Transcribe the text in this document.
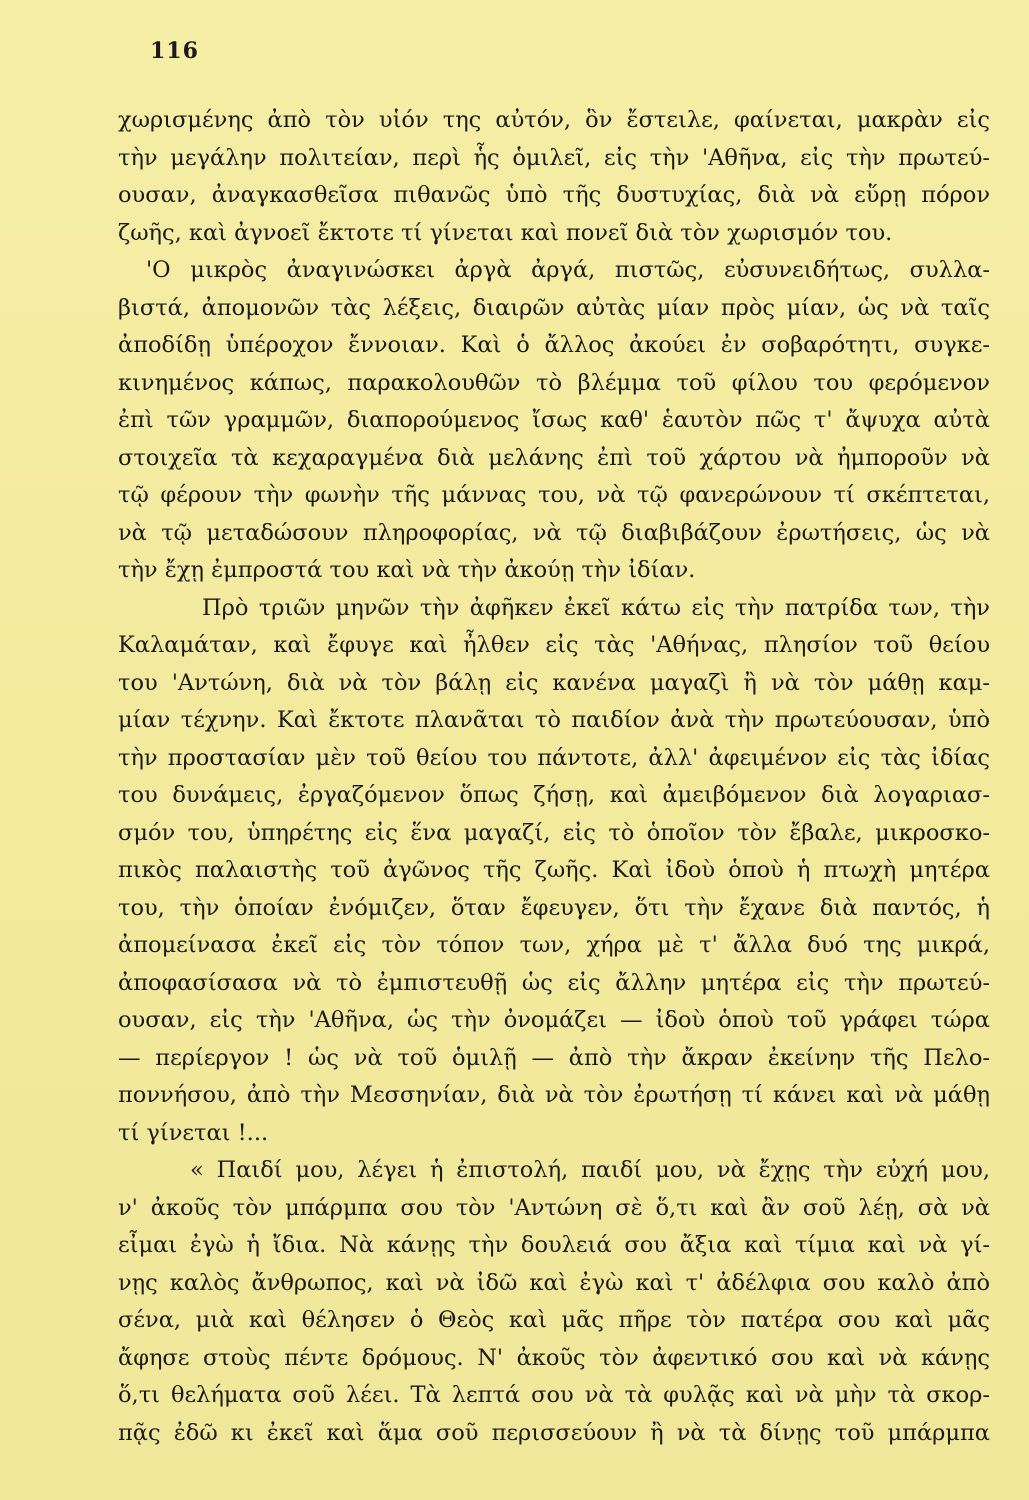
116
χωρισμένης ἀπὸ τὸν υἱόν της αὐτόν, ὃν ἔστειλε, φαίνεται, μακρὰν εἰς
τὴν μεγάλην πολιτείαν, περὶ ἧς ὁμιλεῖ, εἰς τὴν 'Αθῆνα, εἰς τὴν πρωτεύ-
ουσαν, ἀναγκασθεῖσα πιθανῶς ὑπὸ τῆς δυστυχίας, διὰ νὰ εὕρῃ πόρον
ζωῆς, καὶ ἀγνοεῖ ἔκτοτε τί γίνεται καὶ πονεῖ διὰ τὸν χωρισμόν του.
'Ο μικρὸς ἀναγινώσκει ἀργὰ ἀργά, πιστῶς, εὐσυνειδήτως, συλλα-
βιστά, ἀπομονῶν τὰς λέξεις, διαιρῶν αὐτὰς μίαν πρὸς μίαν, ὡς νὰ ταῖς
ἀποδίδῃ ὑπέροχον ἔννοιαν. Καὶ ὁ ἄλλος ἀκούει ἐν σοβαρότητι, συγκε-
κινημένος κάπως, παρακολουθῶν τὸ βλέμμα τοῦ φίλου του φερόμενον
ἐπὶ τῶν γραμμῶν, διαπορούμενος ἴσως καθ' ἑαυτὸν πῶς τ' ἄψυχα αὐτὰ
στοιχεῖα τὰ κεχαραγμένα διὰ μελάνης ἐπὶ τοῦ χάρτου νὰ ἠμποροῦν νὰ
τῷ φέρουν τὴν φωνὴν τῆς μάννας του, νὰ τῷ φανερώνουν τί σκέπτεται,
νὰ τῷ μεταδώσουν πληροφορίας, νὰ τῷ διαβιβάζουν ἐρωτήσεις, ὡς νὰ
τὴν ἔχῃ ἐμπροστά του καὶ νὰ τὴν ἀκούῃ τὴν ἰδίαν.
Πρὸ τριῶν μηνῶν τὴν ἀφῆκεν ἐκεῖ κάτω εἰς τὴν πατρίδα των, τὴν
Καλαμάταν, καὶ ἔφυγε καὶ ἦλθεν εἰς τὰς 'Αθήνας, πλησίον τοῦ θείου
του 'Αντώνη, διὰ νὰ τὸν βάλῃ εἰς κανένα μαγαζὶ ἢ νὰ τὸν μάθῃ καμ-
μίαν τέχνην. Καὶ ἔκτοτε πλανᾶται τὸ παιδίον ἀνὰ τὴν πρωτεύουσαν, ὑπὸ
τὴν προστασίαν μὲν τοῦ θείου του πάντοτε, ἀλλ' ἀφειμένον εἰς τὰς ἰδίας
του δυνάμεις, ἐργαζόμενον ὅπως ζήσῃ, καὶ ἀμειβόμενον διὰ λογαριασ-
σμόν του, ὑπηρέτης εἰς ἕνα μαγαζί, εἰς τὸ ὁποῖον τὸν ἔβαλε, μικροσκο-
πικὸς παλαιστὴς τοῦ ἀγῶνος τῆς ζωῆς. Καὶ ἰδοὺ ὁποὺ ἡ πτωχὴ μητέρα
του, τὴν ὁποίαν ἐνόμιζεν, ὅταν ἔφευγεν, ὅτι τὴν ἔχανε διὰ παντός, ἡ
ἀπομείνασα ἐκεῖ εἰς τὸν τόπον των, χήρα μὲ τ' ἄλλα δυό της μικρά,
ἀποφασίσασα νὰ τὸ ἐμπιστευθῇ ὡς εἰς ἄλλην μητέρα εἰς τὴν πρωτεύ-
ουσαν, εἰς τὴν 'Αθῆνα, ὡς τὴν ὀνομάζει — ἰδοὺ ὁποὺ τοῦ γράφει τώρα
— περίεργον ! ὡς νὰ τοῦ ὁμιλῇ — ἀπὸ τὴν ἄκραν ἐκείνην τῆς Πελο-
ποννήσου, ἀπὸ τὴν Μεσσηνίαν, διὰ νὰ τὸν ἐρωτήσῃ τί κάνει καὶ νὰ μάθῃ
τί γίνεται !...
« Παιδί μου, λέγει ἡ ἐπιστολή, παιδί μου, νὰ ἔχῃς τὴν εὐχή μου,
ν' ἀκοῦς τὸν μπάρμπα σου τὸν 'Αντώνη σὲ ὅ,τι καὶ ἂν σοῦ λέῃ, σὰ νὰ
εἶμαι ἐγὼ ἡ ἴδια. Νὰ κάνῃς τὴν δουλειά σου ἄξια καὶ τίμια καὶ νὰ γί-
νῃς καλὸς ἄνθρωπος, καὶ νὰ ἰδῶ καὶ ἐγὼ καὶ τ' ἀδέλφια σου καλὸ ἀπὸ
σένα, μιὰ καὶ θέλησεν ὁ Θεὸς καὶ μᾶς πῆρε τὸν πατέρα σου καὶ μᾶς
ἄφησε στοὺς πέντε δρόμους. Ν' ἀκοῦς τὸν ἀφεντικό σου καὶ νὰ κάνῃς
ὅ,τι θελήματα σοῦ λέει. Τὰ λεπτά σου νὰ τὰ φυλᾷς καὶ νὰ μὴν τὰ σκορ-
πᾷς ἐδῶ κι ἐκεῖ καὶ ἅμα σοῦ περισσεύουν ἢ νὰ τὰ δίνῃς τοῦ μπάρμπα
